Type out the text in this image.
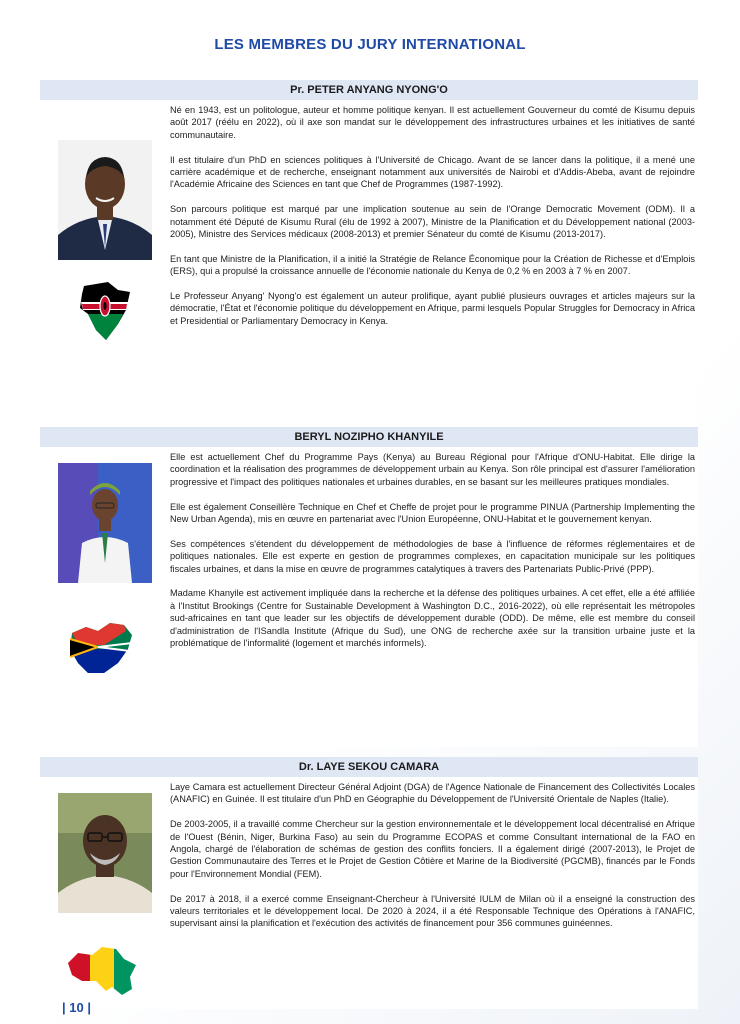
LES MEMBRES DU JURY INTERNATIONAL
Pr. PETER ANYANG NYONG'O

Né en 1943, est un politologue, auteur et homme politique kenyan. Il est actuellement Gouverneur du comté de Kisumu depuis août 2017 (réélu en 2022), où il axe son mandat sur le développement des infrastructures urbaines et les initiatives de santé communautaire.

Il est titulaire d'un PhD en sciences politiques à l'Université de Chicago. Avant de se lancer dans la politique, il a mené une carrière académique et de recherche, enseignant notamment aux universités de Nairobi et d'Addis-Abeba, avant de rejoindre l'Académie Africaine des Sciences en tant que Chef de Programmes (1987-1992).

Son parcours politique est marqué par une implication soutenue au sein de l'Orange Democratic Movement (ODM). Il a notamment été Député de Kisumu Rural (élu de 1992 à 2007), Ministre de la Planification et du Développement national (2003-2005), Ministre des Services médicaux (2008-2013) et premier Sénateur du comté de Kisumu (2013-2017).

En tant que Ministre de la Planification, il a initié la Stratégie de Relance Économique pour la Création de Richesse et d'Emplois (ERS), qui a propulsé la croissance annuelle de l'économie nationale du Kenya de 0,2 % en 2003 à 7 % en 2007.

Le Professeur Anyang' Nyong'o est également un auteur prolifique, ayant publié plusieurs ouvrages et articles majeurs sur la démocratie, l'État et l'économie politique du développement en Afrique, parmi lesquels Popular Struggles for Democracy in Africa et Presidential or Parliamentary Democracy in Kenya.

BERYL NOZIPHO KHANYILE

Elle est actuellement Chef du Programme Pays (Kenya) au Bureau Régional pour l'Afrique d'ONU-Habitat. Elle dirige la coordination et la réalisation des programmes de développement urbain au Kenya. Son rôle principal est d'assurer l'amélioration progressive et l'impact des politiques nationales et urbaines durables, en se basant sur les meilleures pratiques mondiales.

Elle est également Conseillère Technique en Chef et Cheffe de projet pour le programme PINUA (Partnership Implementing the New Urban Agenda), mis en œuvre en partenariat avec l'Union Européenne, ONU-Habitat et le gouvernement kenyan.

Ses compétences s'étendent du développement de méthodologies de base à l'influence de réformes réglementaires et de politiques nationales. Elle est experte en gestion de programmes complexes, en capacitation municipale sur les politiques fiscales urbaines, et dans la mise en œuvre de programmes catalytiques à travers des Partenariats Public-Privé (PPP).

Madame Khanyile est activement impliquée dans la recherche et la défense des politiques urbaines. A cet effet, elle a été affiliée à l'Institut Brookings (Centre for Sustainable Development à Washington D.C., 2016-2022), où elle représentait les métropoles sud-africaines en tant que leader sur les objectifs de développement durable (ODD). De même, elle est membre du conseil d'administration de l'ISandla Institute (Afrique du Sud), une ONG de recherche axée sur la transition urbaine juste et la problématique de l'informalité (logement et marchés informels).

Dr. LAYE SEKOU CAMARA

Laye Camara est actuellement Directeur Général Adjoint (DGA) de l'Agence Nationale de Financement des Collectivités Locales (ANAFIC) en Guinée. Il est titulaire d'un PhD en Géographie du Développement de l'Université Orientale de Naples (Italie).

De 2003-2005, il a travaillé comme Chercheur sur la gestion environnementale et le développement local décentralisé en Afrique de l'Ouest (Bénin, Niger, Burkina Faso) au sein du Programme ECOPAS et comme Consultant international de la FAO en Angola, chargé de l'élaboration de schémas de gestion des conflits fonciers. Il a également dirigé (2007-2013), le Projet de Gestion Communautaire des Terres et le Projet de Gestion Côtière et Marine de la Biodiversité (PGCMB), financés par le Fonds pour l'Environnement Mondial (FEM).

De 2017 à 2018, il a exercé comme Enseignant-Chercheur à l'Université IULM de Milan où il a enseigné la construction des valeurs territoriales et le développement local. De 2020 à 2024, il a été Responsable Technique des Opérations à l'ANAFIC, supervisant ainsi la planification et l'exécution des activités de financement pour 356 communes guinéennes.

| 10 |
